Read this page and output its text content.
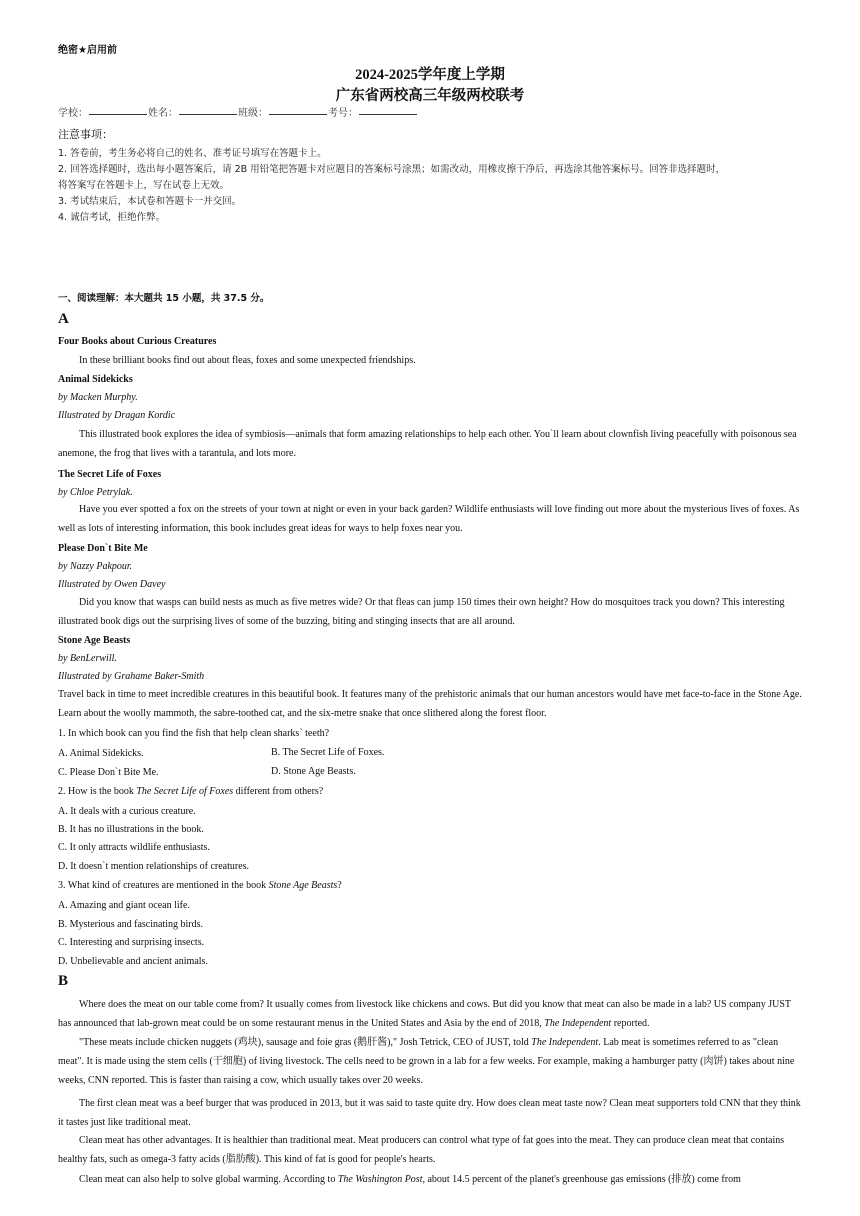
绝密★启用前
2024-2025学年度上学期
广东省两校高三年级两校联考
学校：	姓名：	班级：	考号：
注意事项：
1. 答卷前，考生务必将自己的姓名、准考证号填写在答题卡上。
2. 回答选择题时，选出每小题答案后，请 2B 用铅笔把答题卡对应题目的答案标号涂黑；如需改动，用橡皮擦干净后，再选涂其他答案标号。回答非选择题时，
将答案写在答题卡上，写在试卷上无效。
3. 考试结束后，本试卷和答题卡一并交回。
4. 诚信考试，拒绝作弊。
一、阅读理解：本大题共 15 小题，共 37.5 分。
A
Four Books about Curious Creatures
In these brilliant books find out about fleas, foxes and some unexpected friendships.
Animal Sidekicks
by Macken Murphy.
Illustrated by Dragan Kordic
This illustrated book explores the idea of symbiosis—animals that form amazing relationships to help each other. You`ll learn about clownfish living peacefully with poisonous sea anemone, the frog that lives with a tarantula, and lots more.
The Secret Life of Foxes
by Chloe Petrylak.
Have you ever spotted a fox on the streets of your town at night or even in your back garden? Wildlife enthusiasts will love finding out more about the mysterious lives of foxes. As well as lots of interesting information, this book includes great ideas for ways to help foxes near you.
Please Don`t Bite Me
by Nazzy Pakpour.
Illustrated by Owen Davey
Did you know that wasps can build nests as much as five metres wide? Or that fleas can jump 150 times their own height? How do mosquitoes track you down? This interesting illustrated book digs out the surprising lives of some of the buzzing, biting and stinging insects that are all around.
Stone Age Beasts
by BenLerwill.
Illustrated by Grahame Baker-Smith
Travel back in time to meet incredible creatures in this beautiful book. It features many of the prehistoric animals that our human ancestors would have met face-to-face in the Stone Age. Learn about the woolly mammoth, the sabre-toothed cat, and the six-metre snake that once slithered along the forest floor.
1. In which book can you find the fish that help clean sharks` teeth?
A. Animal Sidekicks.	B. The Secret Life of Foxes.
C. Please Don`t Bite Me.	D. Stone Age Beasts.
2. How is the book The Secret Life of Foxes different from others?
A. It deals with a curious creature.
B. It has no illustrations in the book.
C. It only attracts wildlife enthusiasts.
D. It doesn`t mention relationships of creatures.
3. What kind of creatures are mentioned in the book Stone Age Beasts?
A. Amazing and giant ocean life.
B. Mysterious and fascinating birds.
C. Interesting and surprising insects.
D. Unbelievable and ancient animals.
B
Where does the meat on our table come from? It usually comes from livestock like chickens and cows. But did you know that meat can also be made in a lab? US company JUST has announced that lab-grown meat could be on some restaurant menus in the United States and Asia by the end of 2018, The Independent reported.
"These meats include chicken nuggets (鸡块), sausage and foie gras (鹅肝酱)," Josh Tetrick, CEO of JUST, told The Independent. Lab meat is sometimes referred to as "clean meat". It is made using the stem cells (干细胞) of living livestock. The cells need to be grown in a lab for a few weeks. For example, making a hamburger patty (肉饼) takes about nine weeks, CNN reported. This is faster than raising a cow, which usually takes over 20 weeks.
The first clean meat was a beef burger that was produced in 2013, but it was said to taste quite dry. How does clean meat taste now? Clean meat supporters told CNN that they think it tastes just like traditional meat.
Clean meat has other advantages. It is healthier than traditional meat. Meat producers can control what type of fat goes into the meat. They can produce clean meat that contains healthy fats, such as omega-3 fatty acids (脂肪酸). This kind of fat is good for people's hearts.
Clean meat can also help to solve global warming. According to The Washington Post, about 14.5 percent of the planet's greenhouse gas emissions (排放) come from
